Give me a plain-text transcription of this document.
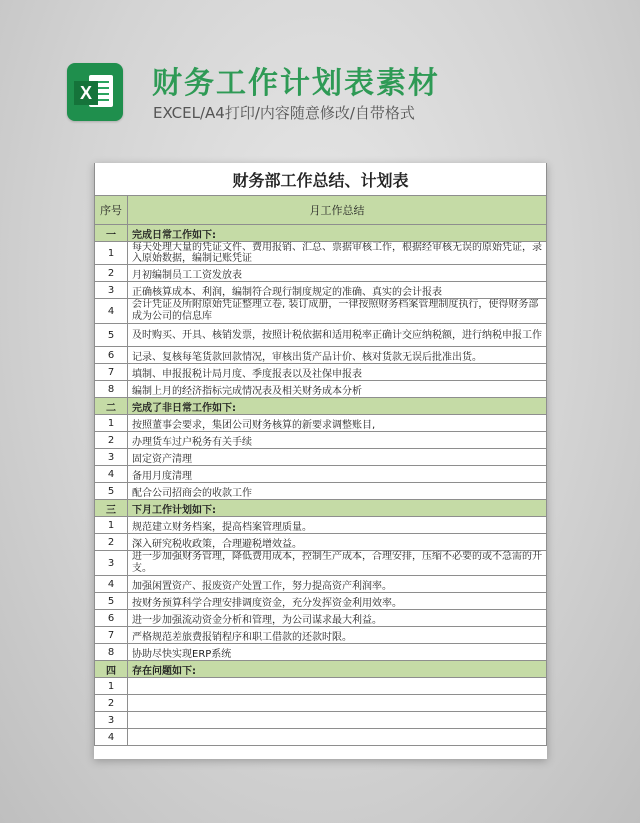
X 财务工作计划表素材
EXCEL/A4打印/内容随意修改/自带格式
财务部工作总结、计划表	
序号	月工作总结
一	完成日常工作如下:
1	每天处理大量的凭证文件、费用报销、汇总、票据审核工作，根据经审核无误的原始凭证，录入原始数据，编制记账凭证
2	月初编制员工工资发放表
3	正确核算成本、利润，编制符合现行制度规定的准确、真实的会计报表
4	会计凭证及所附原始凭证整理立卷, 装订成册，一律按照财务档案管理制度执行，使得财务部成为公司的信息库
5	及时购买、开具、核销发票，按照计税依据和适用税率正确计交应纳税额，进行纳税申报工作
6	记录、复核每笔货款回款情况，审核出货产品计价、核对货款无误后批准出货。
7	填制、申报报税计局月度、季度报表以及社保申报表
8	编制上月的经济指标完成情况表及相关财务成本分析
二	完成了非日常工作如下:
1	按照董事会要求，集团公司财务核算的新要求调整账目,
2	办理货车过户税务有关手续
3	固定资产清理
4	备用月度清理
5	配合公司招商会的收款工作
三	下月工作计划如下:
1	规范建立财务档案，提高档案管理质量。
2	深入研究税收政策，合理避税增效益。
3	进一步加强财务管理，降低费用成本，控制生产成本，合理安排，压缩不必要的或不急需的开支。
4	加强闲置资产、报废资产处置工作，努力提高资产利润率。
5	按财务预算科学合理安排调度资金，充分发挥资金利用效率。
6	进一步加强流动资金分析和管理，为公司谋求最大利益。
7	严格规范差旅费报销程序和职工借款的还款时限。
8	协助尽快实现ERP系统
四	存在问题如下:
1	
2	
3	
4	
